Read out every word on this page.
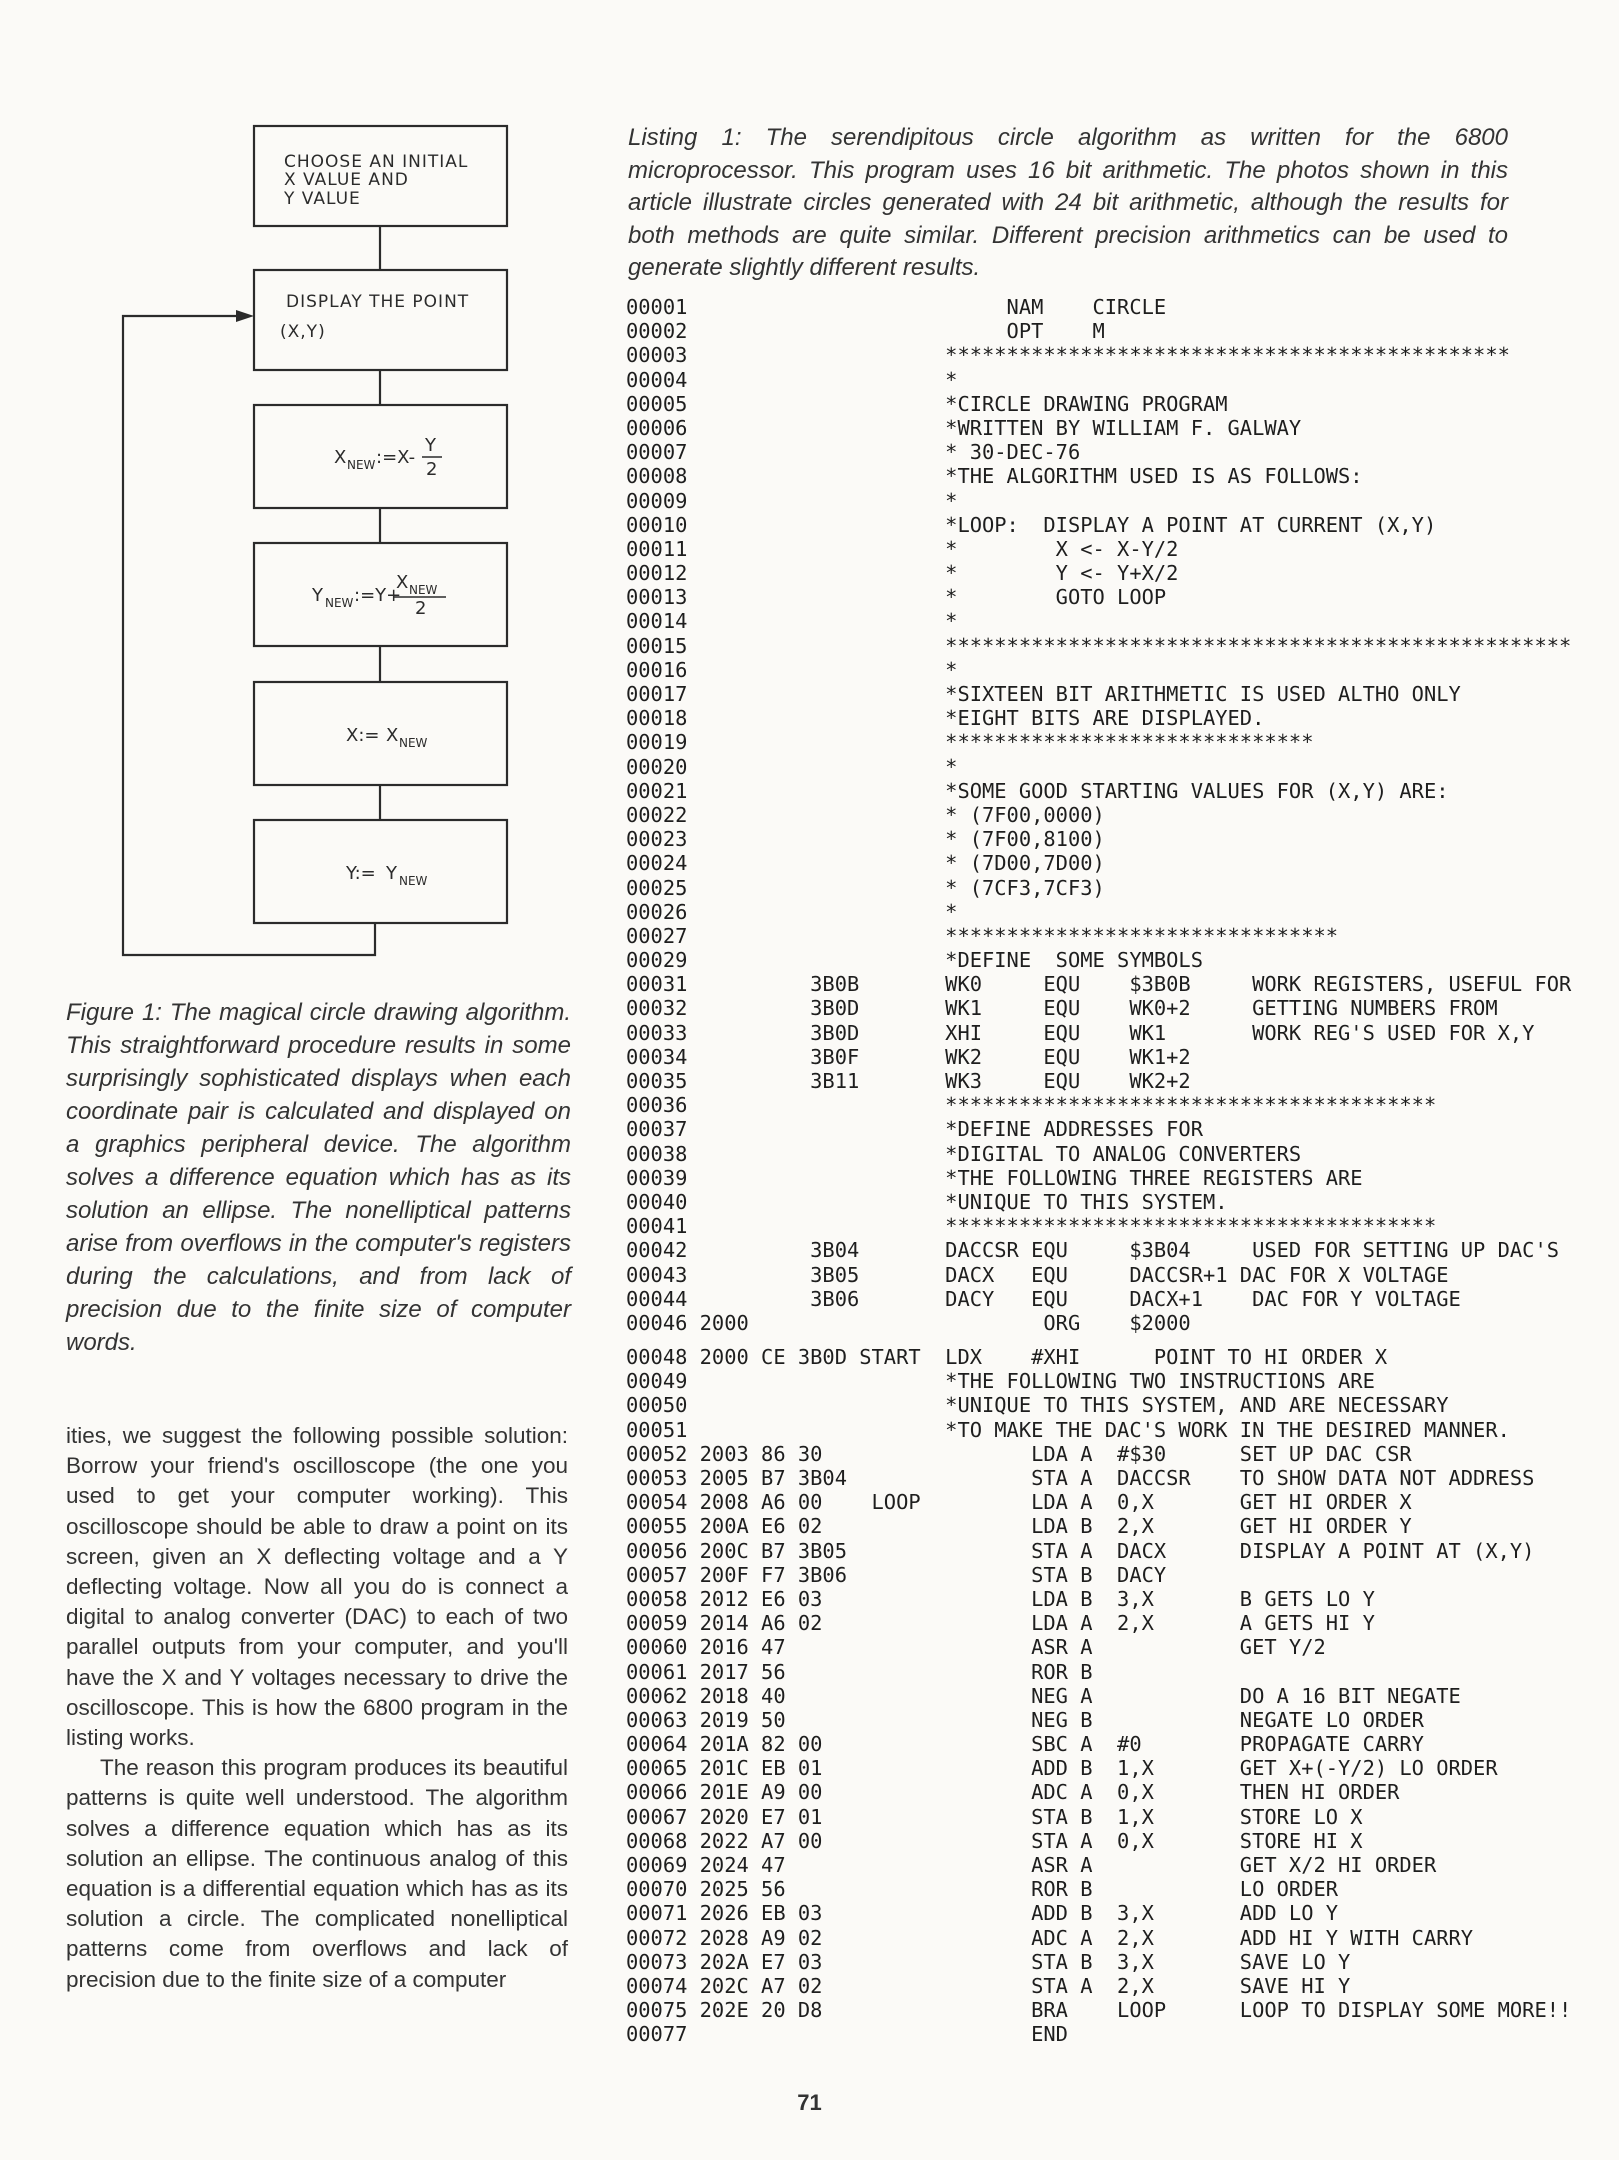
CHOOSE AN INITIAL
X VALUE AND
Y VALUE
DISPLAY THE POINT
(X,Y)
X NEW :=X-
Y
2
Y NEW :=Y+
X NEW
2
X:= X NEW
Y:= Y NEW

Figure 1: The magical circle drawing algorithm. This straightforward procedure results in some surprisingly sophisticated displays when each coordinate pair is calculated and displayed on a graphics peripheral device. The algorithm solves a difference equation which has as its solution an ellipse. The nonelliptical patterns arise from overflows in the computer's registers during the calculations, and from lack of precision due to the finite size of computer words.

ities, we suggest the following possible solution: Borrow your friend's oscilloscope (the one you used to get your computer working). This oscilloscope should be able to draw a point on its screen, given an X deflecting voltage and a Y deflecting voltage. Now all you do is connect a digital to analog converter (DAC) to each of two parallel outputs from your computer, and you'll have the X and Y voltages necessary to drive the oscilloscope. This is how the 6800 program in the listing works.

The reason this program produces its beautiful patterns is quite well understood. The algorithm solves a difference equation which has as its solution an ellipse. The continuous analog of this equation is a differential equation which has as its solution a circle. The complicated nonelliptical patterns come from overflows and lack of precision due to the finite size of a computer

Listing 1: The serendipitous circle algorithm as written for the 6800 microprocessor. This program uses 16 bit arithmetic. The photos shown in this article illustrate circles generated with 24 bit arithmetic, although the results for both methods are quite similar. Different precision arithmetics can be used to generate slightly different results.

00001                          NAM    CIRCLE
00002                          OPT    M
00003                     **********************************************
00004                     *
00005                     *CIRCLE DRAWING PROGRAM
00006                     *WRITTEN BY WILLIAM F. GALWAY
00007                     * 30-DEC-76
00008                     *THE ALGORITHM USED IS AS FOLLOWS:
00009                     *
00010                     *LOOP:  DISPLAY A POINT AT CURRENT (X,Y)
00011                     *        X <- X-Y/2
00012                     *        Y <- Y+X/2
00013                     *        GOTO LOOP
00014                     *
00015                     ***************************************************
00016                     *
00017                     *SIXTEEN BIT ARITHMETIC IS USED ALTHO ONLY
00018                     *EIGHT BITS ARE DISPLAYED.
00019                     ******************************
00020                     *
00021                     *SOME GOOD STARTING VALUES FOR (X,Y) ARE:
00022                     * (7F00,0000)
00023                     * (7F00,8100)
00024                     * (7D00,7D00)
00025                     * (7CF3,7CF3)
00026                     *
00027                     ********************************
00029                     *DEFINE  SOME SYMBOLS
00031          3B0B       WK0     EQU    $3B0B     WORK REGISTERS, USEFUL FOR
00032          3B0D       WK1     EQU    WK0+2     GETTING NUMBERS FROM
00033          3B0D       XHI     EQU    WK1       WORK REG'S USED FOR X,Y
00034          3B0F       WK2     EQU    WK1+2
00035          3B11       WK3     EQU    WK2+2
00036                     ****************************************
00037                     *DEFINE ADDRESSES FOR
00038                     *DIGITAL TO ANALOG CONVERTERS
00039                     *THE FOLLOWING THREE REGISTERS ARE
00040                     *UNIQUE TO THIS SYSTEM.
00041                     ****************************************
00042          3B04       DACCSR EQU     $3B04     USED FOR SETTING UP DAC'S
00043          3B05       DACX   EQU     DACCSR+1 DAC FOR X VOLTAGE
00044          3B06       DACY   EQU     DACX+1    DAC FOR Y VOLTAGE
00046 2000                        ORG    $2000
00048 2000 CE 3B0D START  LDX    #XHI      POINT TO HI ORDER X
00049                     *THE FOLLOWING TWO INSTRUCTIONS ARE
00050                     *UNIQUE TO THIS SYSTEM, AND ARE NECESSARY
00051                     *TO MAKE THE DAC'S WORK IN THE DESIRED MANNER.
00052 2003 86 30                 LDA A  #$30      SET UP DAC CSR
00053 2005 B7 3B04               STA A  DACCSR    TO SHOW DATA NOT ADDRESS
00054 2008 A6 00    LOOP         LDA A  0,X       GET HI ORDER X
00055 200A E6 02                 LDA B  2,X       GET HI ORDER Y
00056 200C B7 3B05               STA A  DACX      DISPLAY A POINT AT (X,Y)
00057 200F F7 3B06               STA B  DACY
00058 2012 E6 03                 LDA B  3,X       B GETS LO Y
00059 2014 A6 02                 LDA A  2,X       A GETS HI Y
00060 2016 47                    ASR A            GET Y/2
00061 2017 56                    ROR B
00062 2018 40                    NEG A            DO A 16 BIT NEGATE
00063 2019 50                    NEG B            NEGATE LO ORDER
00064 201A 82 00                 SBC A  #0        PROPAGATE CARRY
00065 201C EB 01                 ADD B  1,X       GET X+(-Y/2) LO ORDER
00066 201E A9 00                 ADC A  0,X       THEN HI ORDER
00067 2020 E7 01                 STA B  1,X       STORE LO X
00068 2022 A7 00                 STA A  0,X       STORE HI X
00069 2024 47                    ASR A            GET X/2 HI ORDER
00070 2025 56                    ROR B            LO ORDER
00071 2026 EB 03                 ADD B  3,X       ADD LO Y
00072 2028 A9 02                 ADC A  2,X       ADD HI Y WITH CARRY
00073 202A E7 03                 STA B  3,X       SAVE LO Y
00074 202C A7 02                 STA A  2,X       SAVE HI Y
00075 202E 20 D8                 BRA    LOOP      LOOP TO DISPLAY SOME MORE!!
00077                            END
71
